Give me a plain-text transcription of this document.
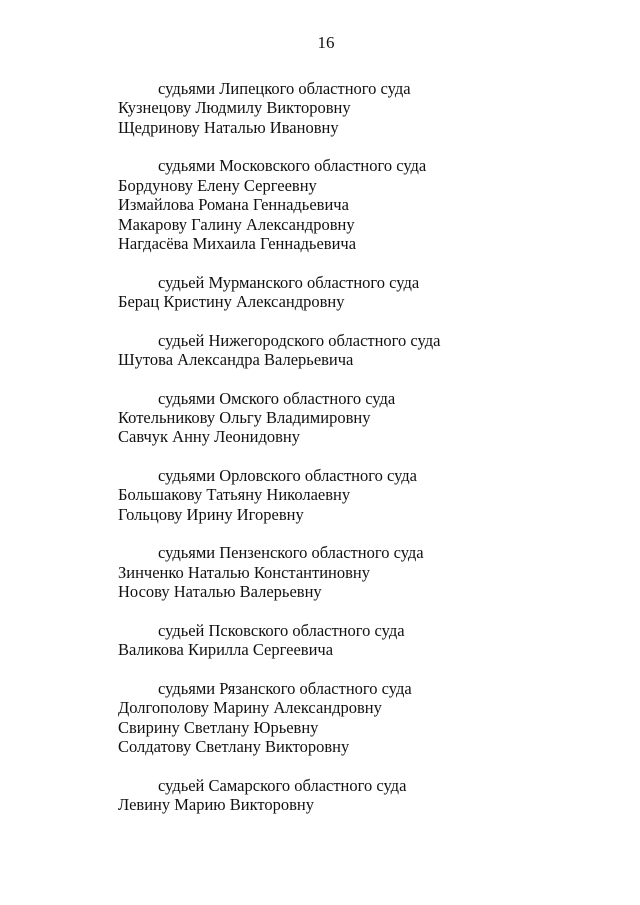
16
судьями Липецкого областного суда
Кузнецову Людмилу Викторовну
Щедринову Наталью Ивановну
судьями Московского областного суда
Бордунову Елену Сергеевну
Измайлова Романа Геннадьевича
Макарову Галину Александровну
Нагдасёва Михаила Геннадьевича
судьей Мурманского областного суда
Берац Кристину Александровну
судьей Нижегородского областного суда
Шутова Александра Валерьевича
судьями Омского областного суда
Котельникову Ольгу Владимировну
Савчук Анну Леонидовну
судьями Орловского областного суда
Большакову Татьяну Николаевну
Гольцову Ирину Игоревну
судьями Пензенского областного суда
Зинченко Наталью Константиновну
Носову Наталью Валерьевну
судьей Псковского областного суда
Валикова Кирилла Сергеевича
судьями Рязанского областного суда
Долгополову Марину Александровну
Свирину Светлану Юрьевну
Солдатову Светлану Викторовну
судьей Самарского областного суда
Левину Марию Викторовну
